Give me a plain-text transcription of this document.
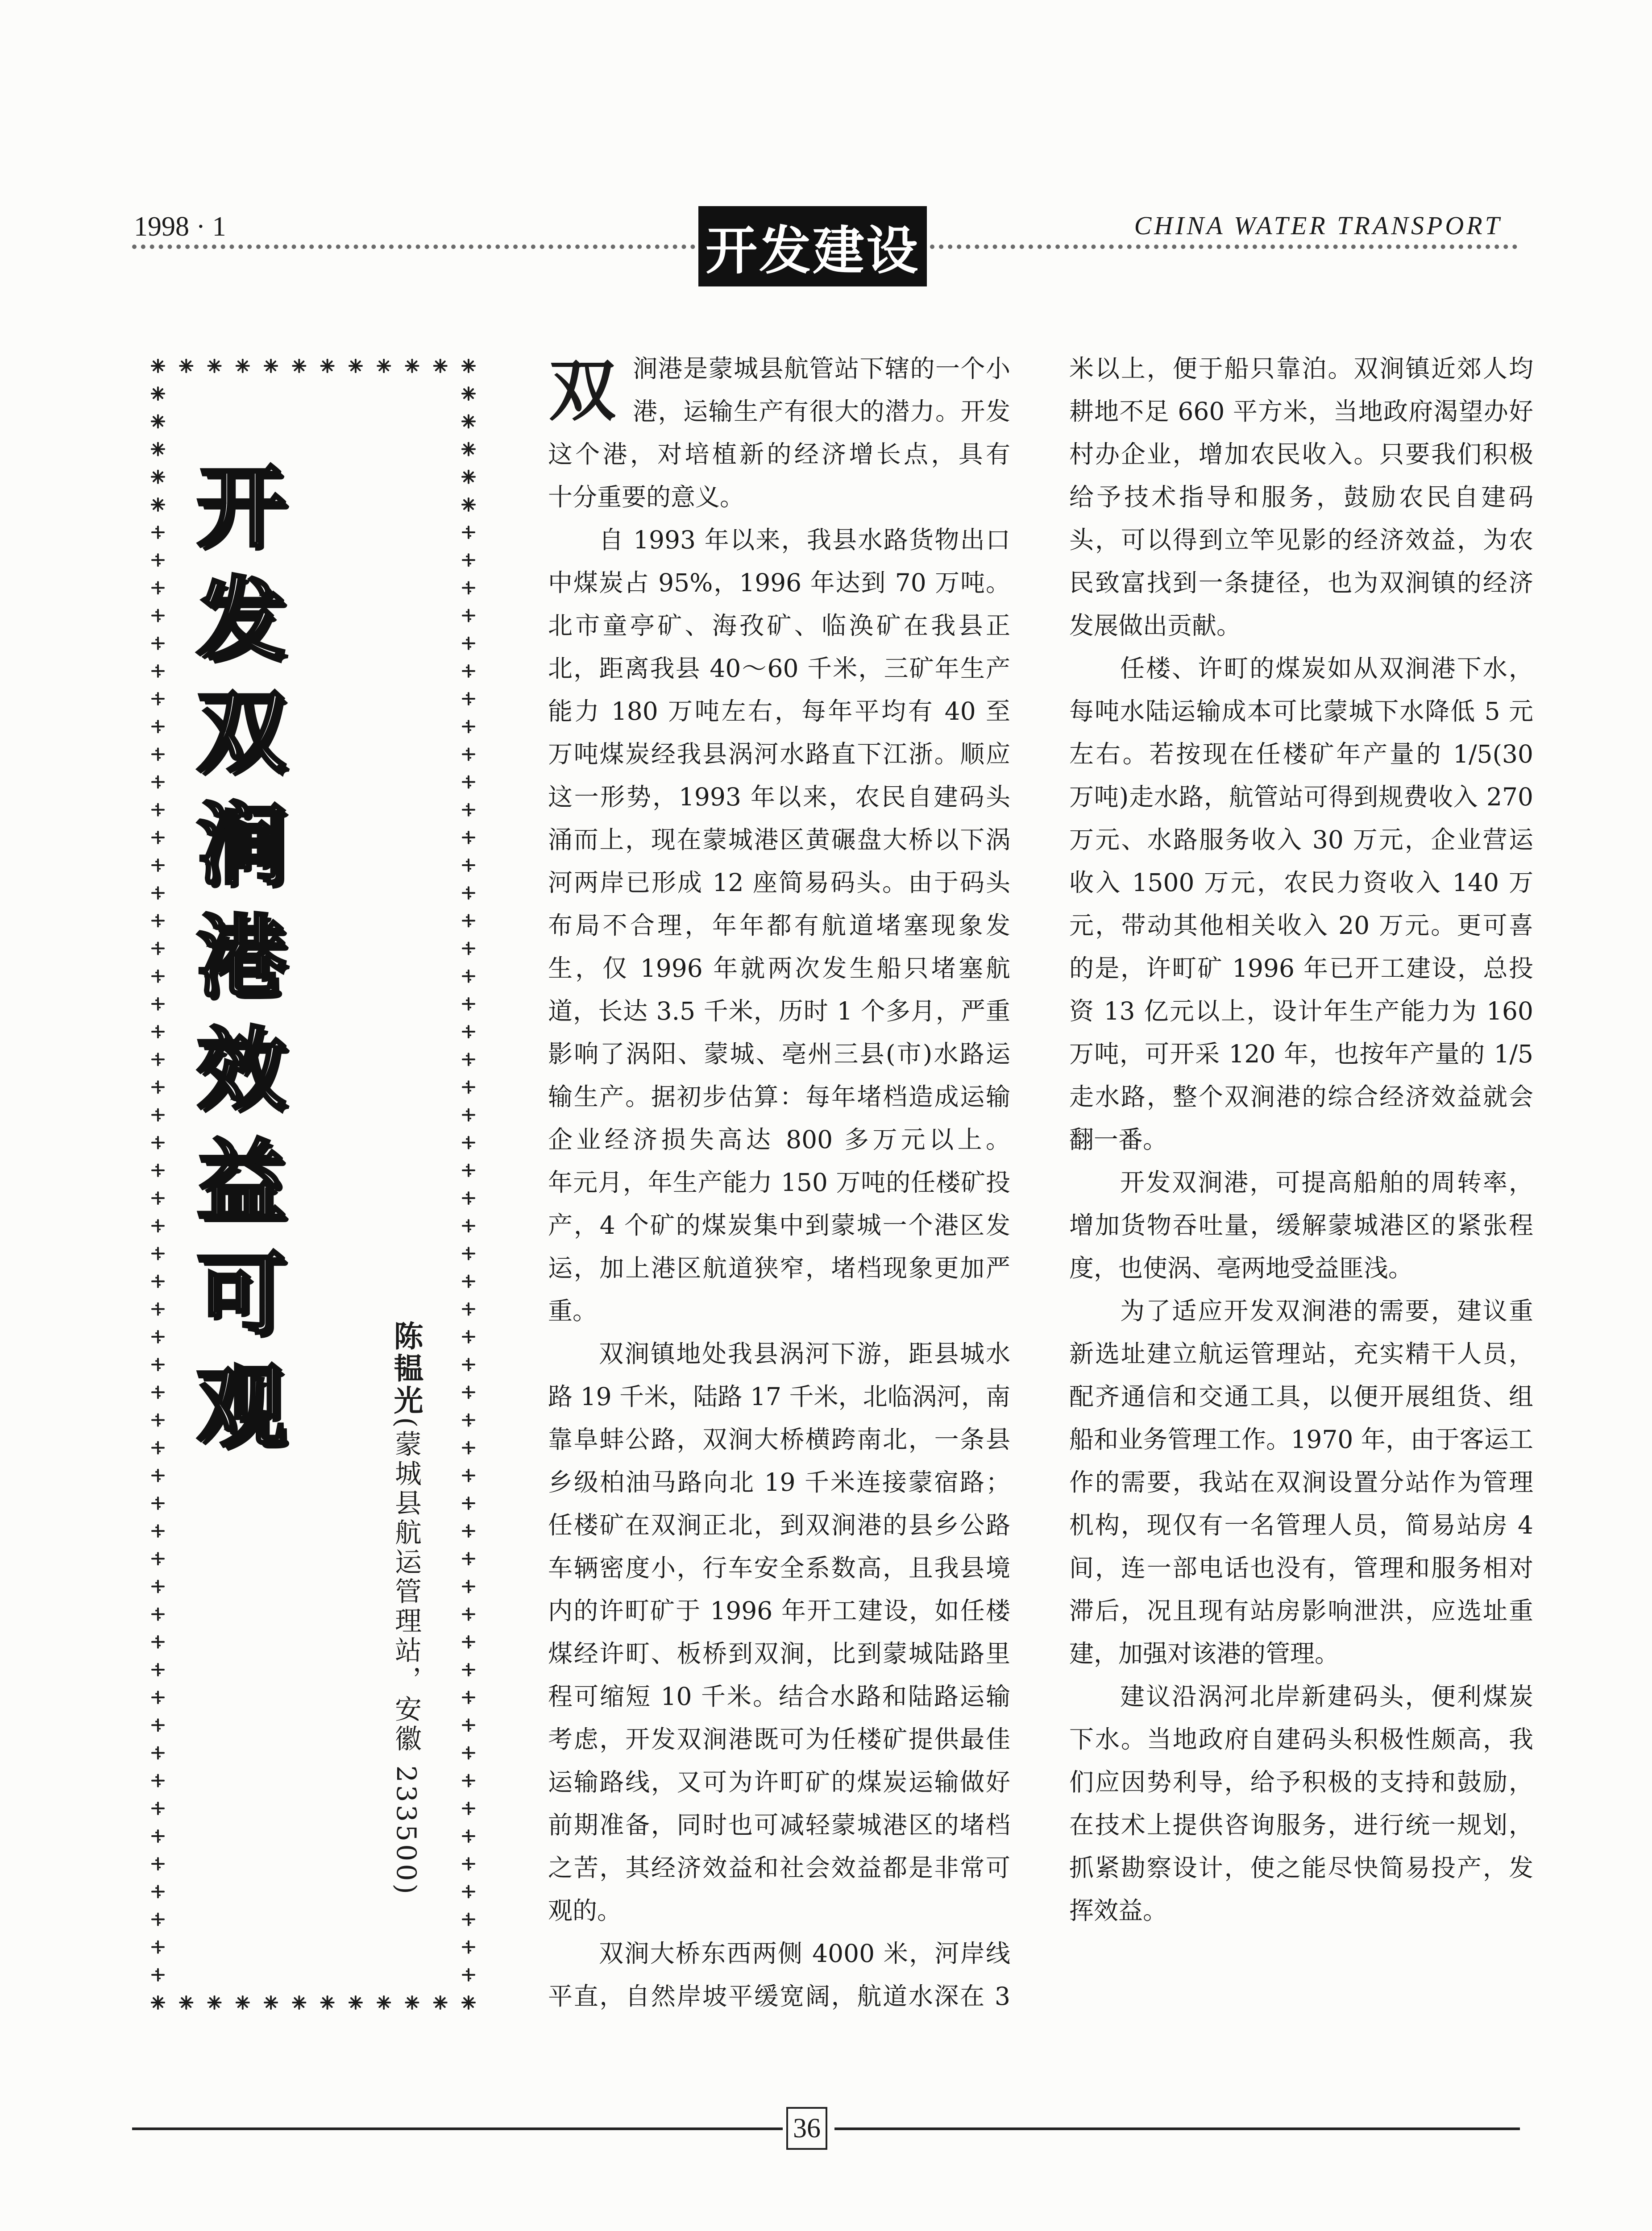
1998 · 1	开发建设	CHINA WATER TRANSPORT
开发双涧港效益可观	陈韫光(蒙城县航运管理站，安徽 233500)
双 涧港是蒙城县航管站下辖的一个小
港，运输生产有很大的潜力。开发
这个港，对培植新的经济增长点，具有
十分重要的意义。
自 1993 年以来，我县水路货物出口
中煤炭占 95%，1996 年达到 70 万吨。
北市童亭矿、海孜矿、临涣矿在我县正
北，距离我县 40～60 千米，三矿年生产
能力 180 万吨左右，每年平均有 40 至
万吨煤炭经我县涡河水路直下江浙。顺应
这一形势，1993 年以来，农民自建码头
涌而上，现在蒙城港区黄碾盘大桥以下涡
河两岸已形成 12 座简易码头。由于码头
布局不合理，年年都有航道堵塞现象发
生，仅 1996 年就两次发生船只堵塞航
道，长达 3.5 千米，历时 1 个多月，严重
影响了涡阳、蒙城、亳州三县(市)水路运
输生产。据初步估算：每年堵档造成运输
企业经济损失高达 800 多万元以上。
年元月，年生产能力 150 万吨的任楼矿投
产，4 个矿的煤炭集中到蒙城一个港区发
运，加上港区航道狭窄，堵档现象更加严
重。
双涧镇地处我县涡河下游，距县城水
路 19 千米，陆路 17 千米，北临涡河，南
靠阜蚌公路，双涧大桥横跨南北，一条县
乡级柏油马路向北 19 千米连接蒙宿路；
任楼矿在双涧正北，到双涧港的县乡公路
车辆密度小，行车安全系数高，且我县境
内的许町矿于 1996 年开工建设，如任楼
煤经许町、板桥到双涧，比到蒙城陆路里
程可缩短 10 千米。结合水路和陆路运输
考虑，开发双涧港既可为任楼矿提供最佳
运输路线，又可为许町矿的煤炭运输做好
前期准备，同时也可减轻蒙城港区的堵档
之苦，其经济效益和社会效益都是非常可
观的。
双涧大桥东西两侧 4000 米，河岸线
平直，自然岸坡平缓宽阔，航道水深在 3
米以上，便于船只靠泊。双涧镇近郊人均
耕地不足 660 平方米，当地政府渴望办好
村办企业，增加农民收入。只要我们积极
给予技术指导和服务，鼓励农民自建码
头，可以得到立竿见影的经济效益，为农
民致富找到一条捷径，也为双涧镇的经济
发展做出贡献。
任楼、许町的煤炭如从双涧港下水，
每吨水陆运输成本可比蒙城下水降低 5 元
左右。若按现在任楼矿年产量的 1/5(30
万吨)走水路，航管站可得到规费收入 270
万元、水路服务收入 30 万元，企业营运
收入 1500 万元，农民力资收入 140 万
元，带动其他相关收入 20 万元。更可喜
的是，许町矿 1996 年已开工建设，总投
资 13 亿元以上，设计年生产能力为 160
万吨，可开采 120 年，也按年产量的 1/5
走水路，整个双涧港的综合经济效益就会
翻一番。
开发双涧港，可提高船舶的周转率，
增加货物吞吐量，缓解蒙城港区的紧张程
度，也使涡、亳两地受益匪浅。
为了适应开发双涧港的需要，建议重
新选址建立航运管理站，充实精干人员，
配齐通信和交通工具，以便开展组货、组
船和业务管理工作。1970 年，由于客运工
作的需要，我站在双涧设置分站作为管理
机构，现仅有一名管理人员，简易站房 4
间，连一部电话也没有，管理和服务相对
滞后，况且现有站房影响泄洪，应选址重
建，加强对该港的管理。
建议沿涡河北岸新建码头，便利煤炭
下水。当地政府自建码头积极性颇高，我
们应因势利导，给予积极的支持和鼓励，
在技术上提供咨询服务，进行统一规划，
抓紧勘察设计，使之能尽快简易投产，发
挥效益。
36
